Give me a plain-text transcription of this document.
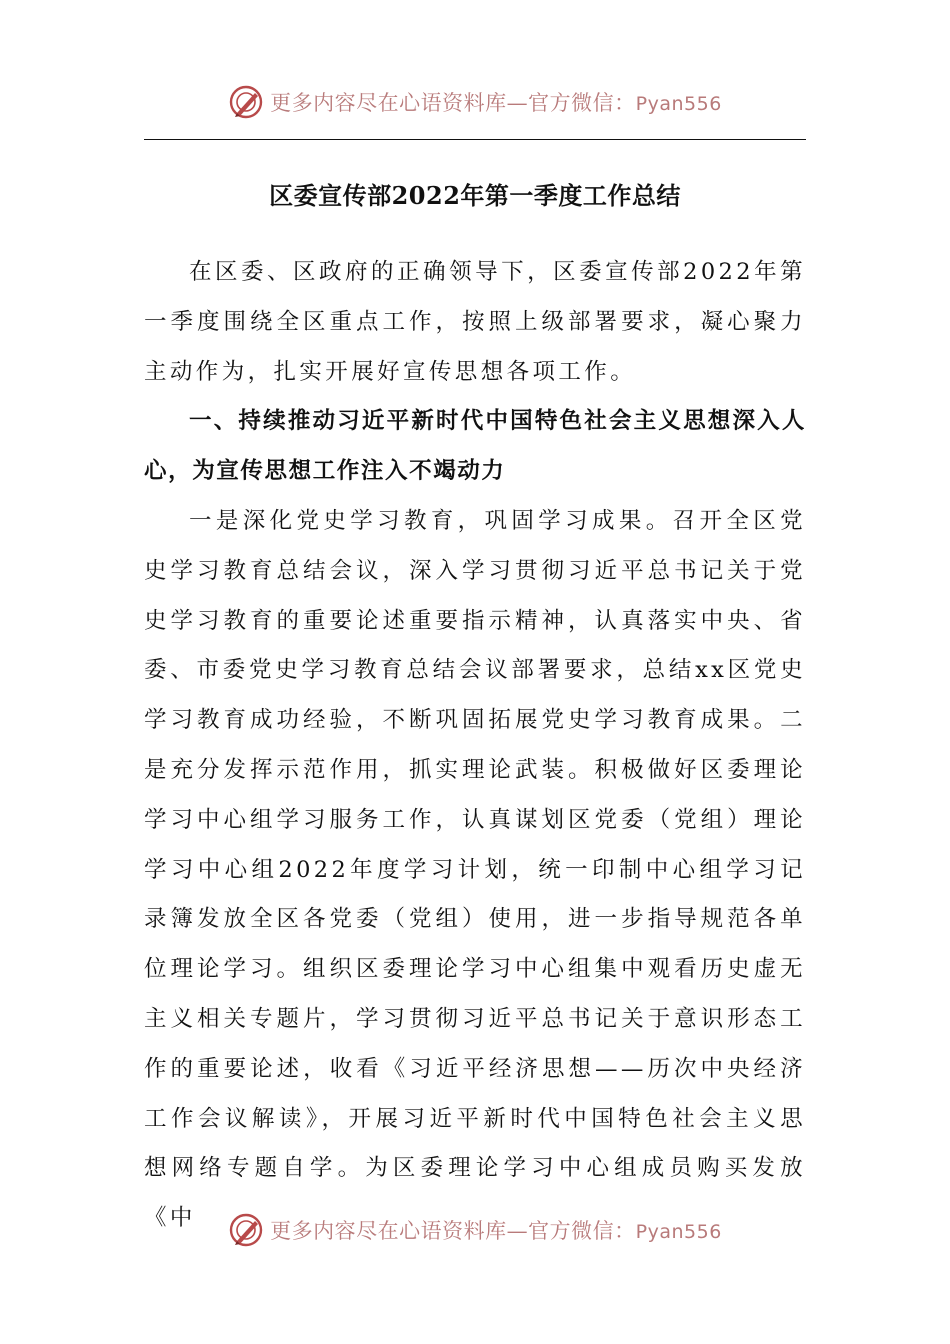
更多内容尽在心语资料库—官方微信：Pyan556
区委宣传部2022年第一季度工作总结

在区委、区政府的正确领导下，区委宣传部2022年第一季度围绕全区重点工作，按照上级部署要求，凝心聚力主动作为，扎实开展好宣传思想各项工作。

一、持续推动习近平新时代中国特色社会主义思想深入人心，为宣传思想工作注入不竭动力

一是深化党史学习教育，巩固学习成果。召开全区党史学习教育总结会议，深入学习贯彻习近平总书记关于党史学习教育的重要论述重要指示精神，认真落实中央、省委、市委党史学习教育总结会议部署要求，总结xx区党史学习教育成功经验，不断巩固拓展党史学习教育成果。二是充分发挥示范作用，抓实理论武装。积极做好区委理论学习中心组学习服务工作，认真谋划区党委（党组）理论学习中心组2022年度学习计划，统一印制中心组学习记录簿发放全区各党委（党组）使用，进一步指导规范各单位理论学习。组织区委理论学习中心组集中观看历史虚无主义相关专题片，学习贯彻习近平总书记关于意识形态工作的重要论述，收看《习近平经济思想——历次中央经济工作会议解读》，开展习近平新时代中国特色社会主义思想网络专题自学。为区委理论学习中心组成员购买发放《中	更多内容尽在心语资料库—官方微信：Pyan556
